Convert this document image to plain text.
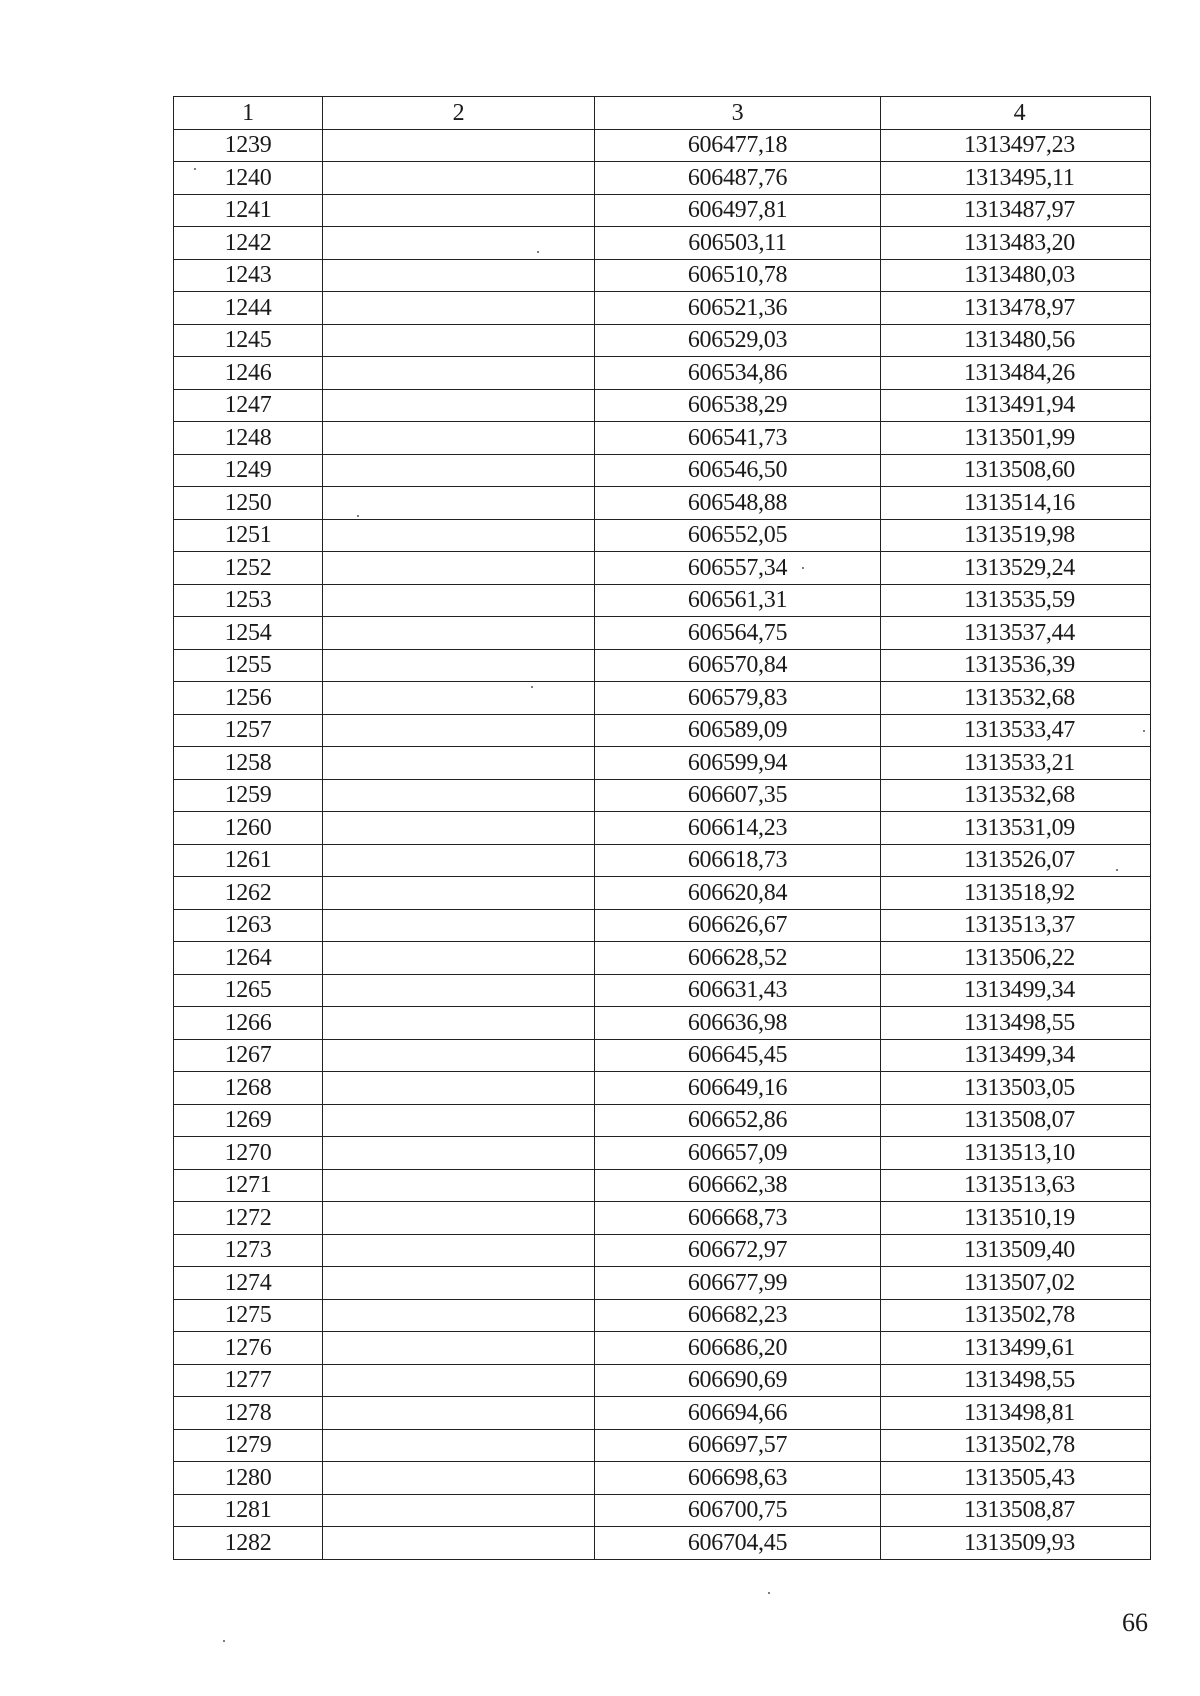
1	2	3	4
1239		606477,18	1313497,23
1240		606487,76	1313495,11
1241		606497,81	1313487,97
1242		606503,11	1313483,20
1243		606510,78	1313480,03
1244		606521,36	1313478,97
1245		606529,03	1313480,56
1246		606534,86	1313484,26
1247		606538,29	1313491,94
1248		606541,73	1313501,99
1249		606546,50	1313508,60
1250		606548,88	1313514,16
1251		606552,05	1313519,98
1252		606557,34	1313529,24
1253		606561,31	1313535,59
1254		606564,75	1313537,44
1255		606570,84	1313536,39
1256		606579,83	1313532,68
1257		606589,09	1313533,47
1258		606599,94	1313533,21
1259		606607,35	1313532,68
1260		606614,23	1313531,09
1261		606618,73	1313526,07
1262		606620,84	1313518,92
1263		606626,67	1313513,37
1264		606628,52	1313506,22
1265		606631,43	1313499,34
1266		606636,98	1313498,55
1267		606645,45	1313499,34
1268		606649,16	1313503,05
1269		606652,86	1313508,07
1270		606657,09	1313513,10
1271		606662,38	1313513,63
1272		606668,73	1313510,19
1273		606672,97	1313509,40
1274		606677,99	1313507,02
1275		606682,23	1313502,78
1276		606686,20	1313499,61
1277		606690,69	1313498,55
1278		606694,66	1313498,81
1279		606697,57	1313502,78
1280		606698,63	1313505,43
1281		606700,75	1313508,87
1282		606704,45	1313509,93
66
